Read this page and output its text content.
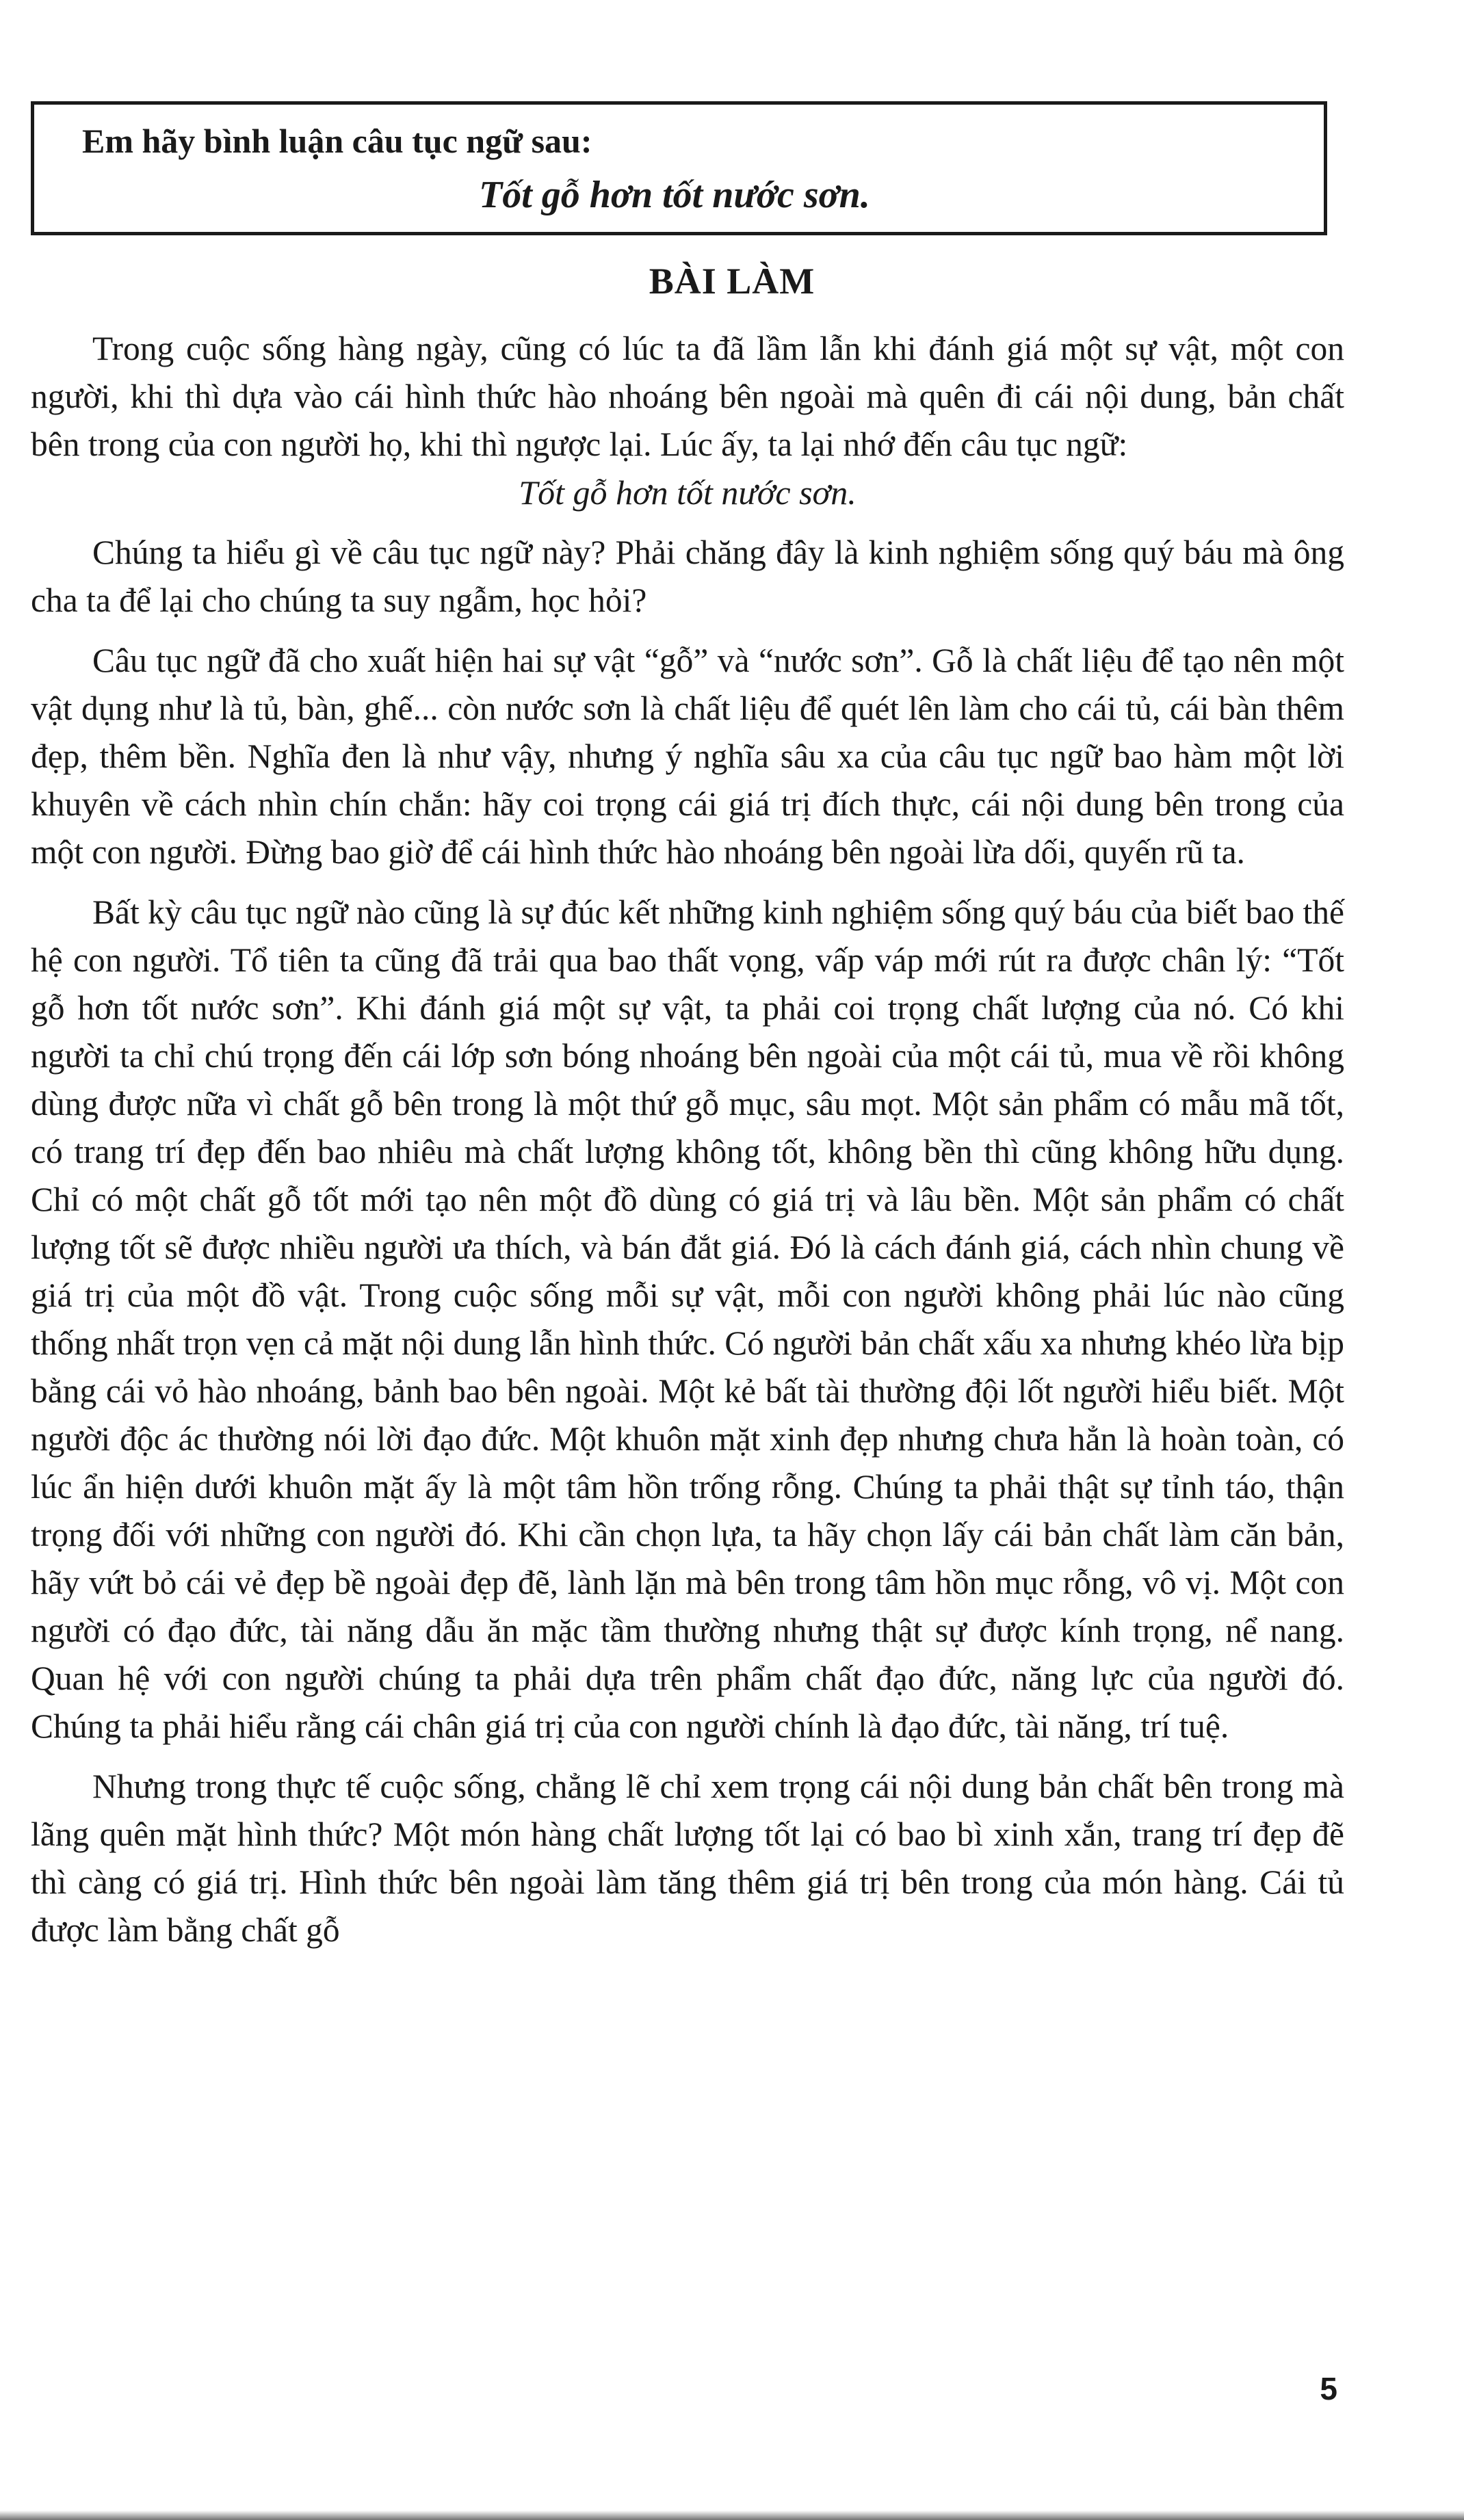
Em hãy bình luận câu tục ngữ sau:
Tốt gỗ hơn tốt nước sơn.
BÀI LÀM

Trong cuộc sống hàng ngày, cũng có lúc ta đã lầm lẫn khi đánh giá một sự vật, một con người, khi thì dựa vào cái hình thức hào nhoáng bên ngoài mà quên đi cái nội dung, bản chất bên trong của con người họ, khi thì ngược lại. Lúc ấy, ta lại nhớ đến câu tục ngữ:

Tốt gỗ hơn tốt nước sơn.

Chúng ta hiểu gì về câu tục ngữ này? Phải chăng đây là kinh nghiệm sống quý báu mà ông cha ta để lại cho chúng ta suy ngẫm, học hỏi?

Câu tục ngữ đã cho xuất hiện hai sự vật “gỗ” và “nước sơn”. Gỗ là chất liệu để tạo nên một vật dụng như là tủ, bàn, ghế... còn nước sơn là chất liệu để quét lên làm cho cái tủ, cái bàn thêm đẹp, thêm bền. Nghĩa đen là như vậy, nhưng ý nghĩa sâu xa của câu tục ngữ bao hàm một lời khuyên về cách nhìn chín chắn: hãy coi trọng cái giá trị đích thực, cái nội dung bên trong của một con người. Đừng bao giờ để cái hình thức hào nhoáng bên ngoài lừa dối, quyến rũ ta.

Bất kỳ câu tục ngữ nào cũng là sự đúc kết những kinh nghiệm sống quý báu của biết bao thế hệ con người. Tổ tiên ta cũng đã trải qua bao thất vọng, vấp váp mới rút ra được chân lý: “Tốt gỗ hơn tốt nước sơn”. Khi đánh giá một sự vật, ta phải coi trọng chất lượng của nó. Có khi người ta chỉ chú trọng đến cái lớp sơn bóng nhoáng bên ngoài của một cái tủ, mua về rồi không dùng được nữa vì chất gỗ bên trong là một thứ gỗ mục, sâu mọt. Một sản phẩm có mẫu mã tốt, có trang trí đẹp đến bao nhiêu mà chất lượng không tốt, không bền thì cũng không hữu dụng. Chỉ có một chất gỗ tốt mới tạo nên một đồ dùng có giá trị và lâu bền. Một sản phẩm có chất lượng tốt sẽ được nhiều người ưa thích, và bán đắt giá. Đó là cách đánh giá, cách nhìn chung về giá trị của một đồ vật. Trong cuộc sống mỗi sự vật, mỗi con người không phải lúc nào cũng thống nhất trọn vẹn cả mặt nội dung lẫn hình thức. Có người bản chất xấu xa nhưng khéo lừa bịp bằng cái vỏ hào nhoáng, bảnh bao bên ngoài. Một kẻ bất tài thường đội lốt người hiểu biết. Một người độc ác thường nói lời đạo đức. Một khuôn mặt xinh đẹp nhưng chưa hẳn là hoàn toàn, có lúc ẩn hiện dưới khuôn mặt ấy là một tâm hồn trống rỗng. Chúng ta phải thật sự tỉnh táo, thận trọng đối với những con người đó. Khi cần chọn lựa, ta hãy chọn lấy cái bản chất làm căn bản, hãy vứt bỏ cái vẻ đẹp bề ngoài đẹp đẽ, lành lặn mà bên trong tâm hồn mục rỗng, vô vị. Một con người có đạo đức, tài năng dẫu ăn mặc tầm thường nhưng thật sự được kính trọng, nể nang. Quan hệ với con người chúng ta phải dựa trên phẩm chất đạo đức, năng lực của người đó. Chúng ta phải hiểu rằng cái chân giá trị của con người chính là đạo đức, tài năng, trí tuệ.

Nhưng trong thực tế cuộc sống, chẳng lẽ chỉ xem trọng cái nội dung bản chất bên trong mà lãng quên mặt hình thức? Một món hàng chất lượng tốt lại có bao bì xinh xắn, trang trí đẹp đẽ thì càng có giá trị. Hình thức bên ngoài làm tăng thêm giá trị bên trong của món hàng. Cái tủ được làm bằng chất gỗ

5
